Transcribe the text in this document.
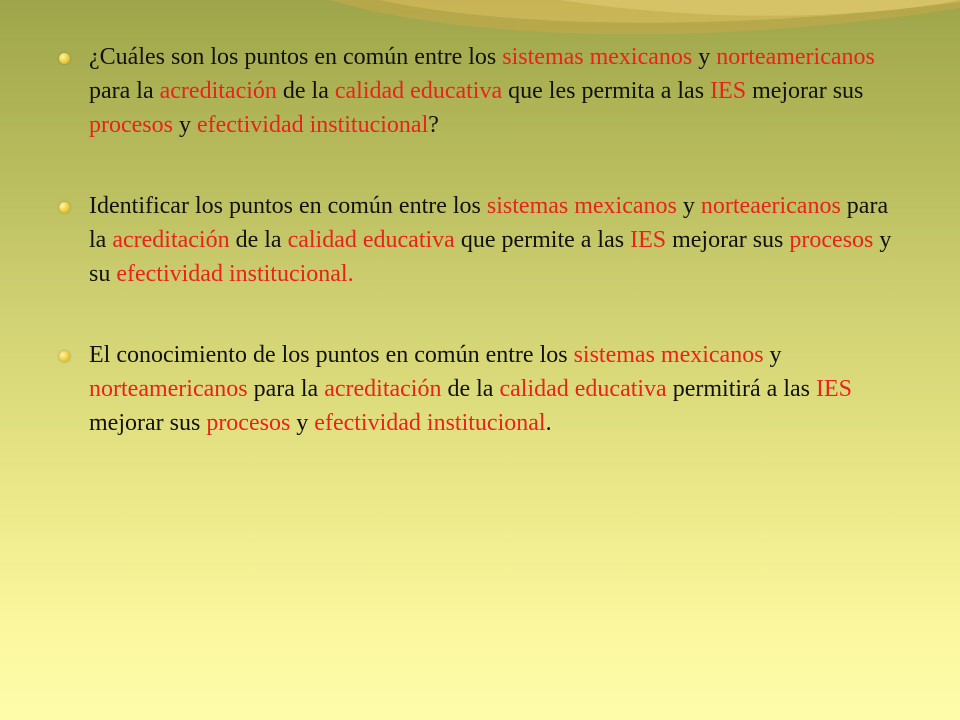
¿Cuáles son los puntos en común entre los sistemas mexicanos y norteamericanos para la acreditación de la calidad educativa que les permita a las IES mejorar sus procesos y efectividad institucional?

Identificar los puntos en común entre los sistemas mexicanos y norteaericanos para la acreditación de la calidad educativa que permite a las IES mejorar sus procesos y su efectividad institucional.

El conocimiento de los puntos en común entre los sistemas mexicanos y norteamericanos para la acreditación de la calidad educativa permitirá a las IES mejorar sus procesos y efectividad institucional.
